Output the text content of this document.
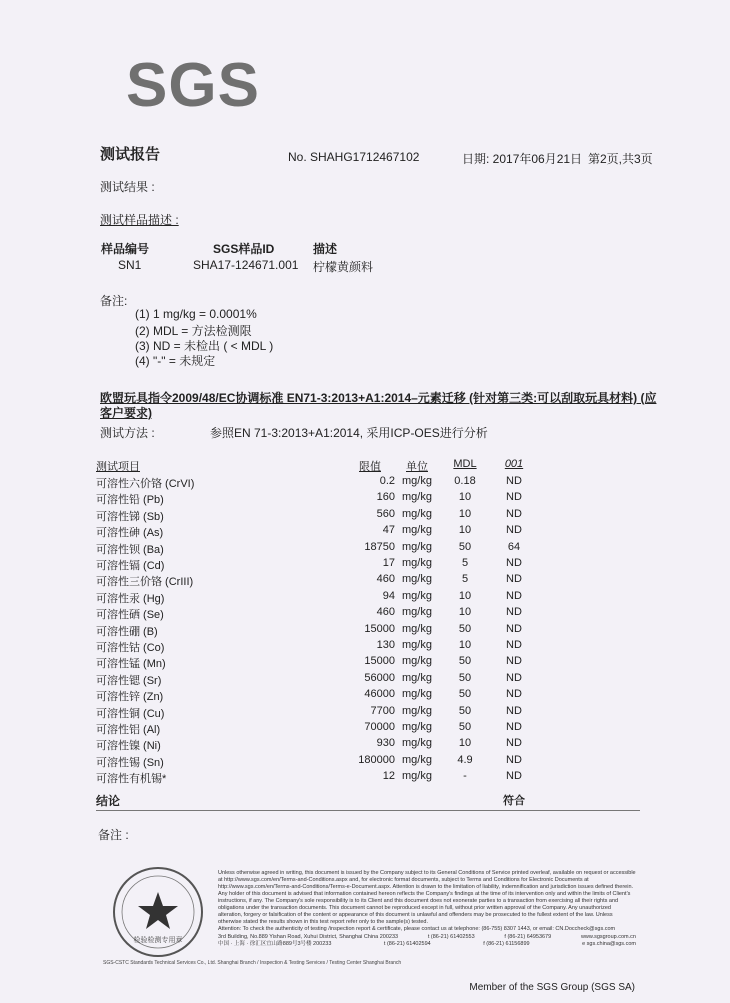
SGS
测试报告	No. SHAHG1712467102	日期: 2017年06月21日 第2页,共3页
测试结果 :
测试样品描述 :
样品编号	SGS样品ID	描述
SN1	SHA17-124671.001 柠檬黄颜料
备注:
(1) 1 mg/kg = 0.0001%
(2) MDL = 方法检测限
(3) ND = 未检出 ( < MDL )
(4) "-" = 未规定
欧盟玩具指令2009/48/EC协调标准 EN71-3:2013+A1:2014–元素迁移 (针对第三类:可以刮取玩具材料) (应客户要求)
测试方法 :	参照EN 71-3:2013+A1:2014, 采用ICP-OES进行分析
测试项目	限值	单位	MDL	001
可溶性六价铬 (CrVI)	0.2 mg/kg	0.18	ND
可溶性铅 (Pb)	160 mg/kg	10	ND
可溶性锑 (Sb)	560 mg/kg	10	ND
可溶性砷 (As)	47 mg/kg	10	ND
可溶性钡 (Ba)	18750 mg/kg	50	64
可溶性镉 (Cd)	17 mg/kg	5	ND
可溶性三价铬 (CrIII)	460 mg/kg	5	ND
可溶性汞 (Hg)	94 mg/kg	10	ND
可溶性硒 (Se)	460 mg/kg	10	ND
可溶性硼 (B)	15000 mg/kg	50	ND
可溶性钴 (Co)	130 mg/kg	10	ND
可溶性锰 (Mn)	15000 mg/kg	50	ND
可溶性锶 (Sr)	56000 mg/kg	50	ND
可溶性锌 (Zn)	46000 mg/kg	50	ND
可溶性铜 (Cu)	7700 mg/kg	50	ND
可溶性铝 (Al)	70000 mg/kg	50	ND
可溶性镍 (Ni)	930 mg/kg	10	ND
可溶性锡 (Sn)	180000 mg/kg	4.9	ND
可溶性有机锡*	12 mg/kg	-	ND
结论	符合
备注 :
检验检测专用章
SGS-CSTC Standards Technical Services Co., Ltd. Shanghai Branch / Inspection & Testing Services / Testing Center Shanghai Branch
Unless otherwise agreed in writing, this document is issued by the Company subject to its General Conditions of Service printed overleaf, available on request or accessible at http://www.sgs.com/en/Terms-and-Conditions.aspx and, for electronic format documents, subject to Terms and Conditions for Electronic Documents at http://www.sgs.com/en/Terms-and-Conditions/Terms-e-Document.aspx. Attention is drawn to the limitation of liability, indemnification and jurisdiction issues defined therein. Any holder of this document is advised that information contained hereon reflects the Company's findings at the time of its intervention only and within the limits of Client's instructions, if any. The Company's sole responsibility is to its Client and this document does not exonerate parties to a transaction from exercising all their rights and obligations under the transaction documents. This document cannot be reproduced except in full, without prior written approval of the Company. Any unauthorized alteration, forgery or falsification of the content or appearance of this document is unlawful and offenders may be prosecuted to the fullest extent of the law. Unless otherwise stated the results shown in this test report refer only to the sample(s) tested.
Attention: To check the authenticity of testing /inspection report & certificate, please contact us at telephone: (86-755) 8307 1443, or email: CN.Doccheck@sgs.com
3rd Building, No.889 Yishan Road, Xuhui District, Shanghai China 200233	t (86-21) 61402553	f (86-21) 64953679	www.sgsgroup.com.cn
中国 · 上海 · 徐汇区宜山路889号3号楼 200233	t (86-21) 61402594	f (86-21) 61156899	e sgs.china@sgs.com
Member of the SGS Group (SGS SA)
